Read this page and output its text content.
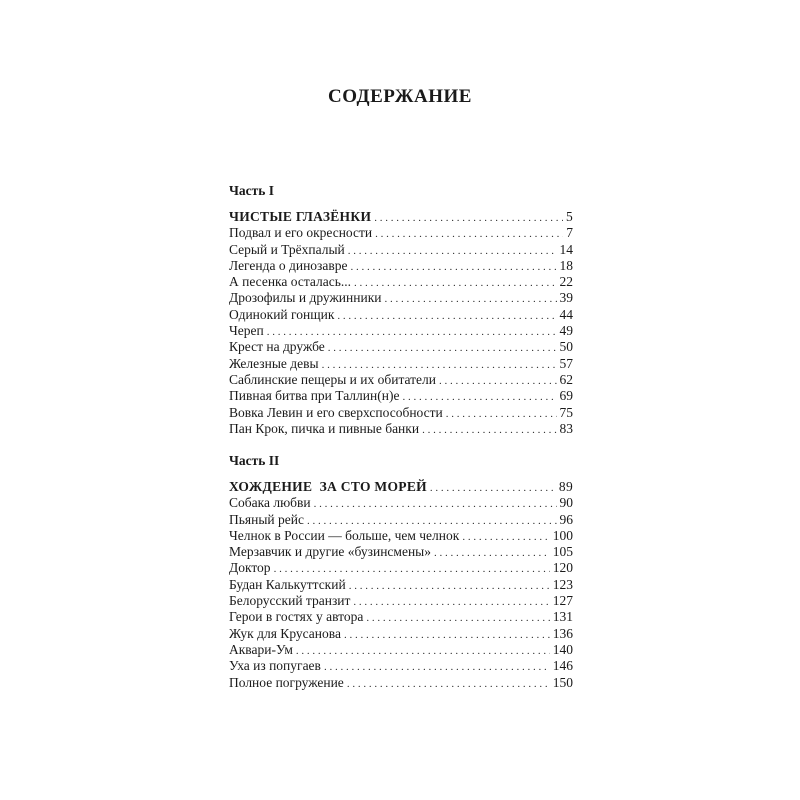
СОДЕРЖАНИЕ
Часть I
ЧИСТЫЕ ГЛАЗЁНКИ . . .	5
Подвал и его окресности . . .	7
Серый и Трёхпалый . . .	14
Легенда о динозавре . . .	18
А песенка осталась... . . .	22
Дрозофилы и дружинники . . .	39
Одинокий гонщик . . .	44
Череп . . .	49
Крест на дружбе . . .	50
Железные девы . . .	57
Саблинские пещеры и их обитатели . . .	62
Пивная битва при Таллин(н)е . . .	69
Вовка Левин и его сверхспособности . . .	75
Пан Крок, пичка и пивные банки . . .	83
Часть II
ХОЖДЕНИЕ  ЗА СТО МОРЕЙ . . .	89
Собака любви . . .	90
Пьяный рейс . . .	96
Челнок в России — больше, чем челнок . . .	100
Мерзавчик и другие «бузинсмены» . . .	105
Доктор . . .	120
Будан Калькуттский . . .	123
Белорусский транзит . . .	127
Герои в гостях у автора . . .	131
Жук для Крусанова . . .	136
Аквари-Ум . . .	140
Уха из попугаев . . .	146
Полное погружение . . .	150
